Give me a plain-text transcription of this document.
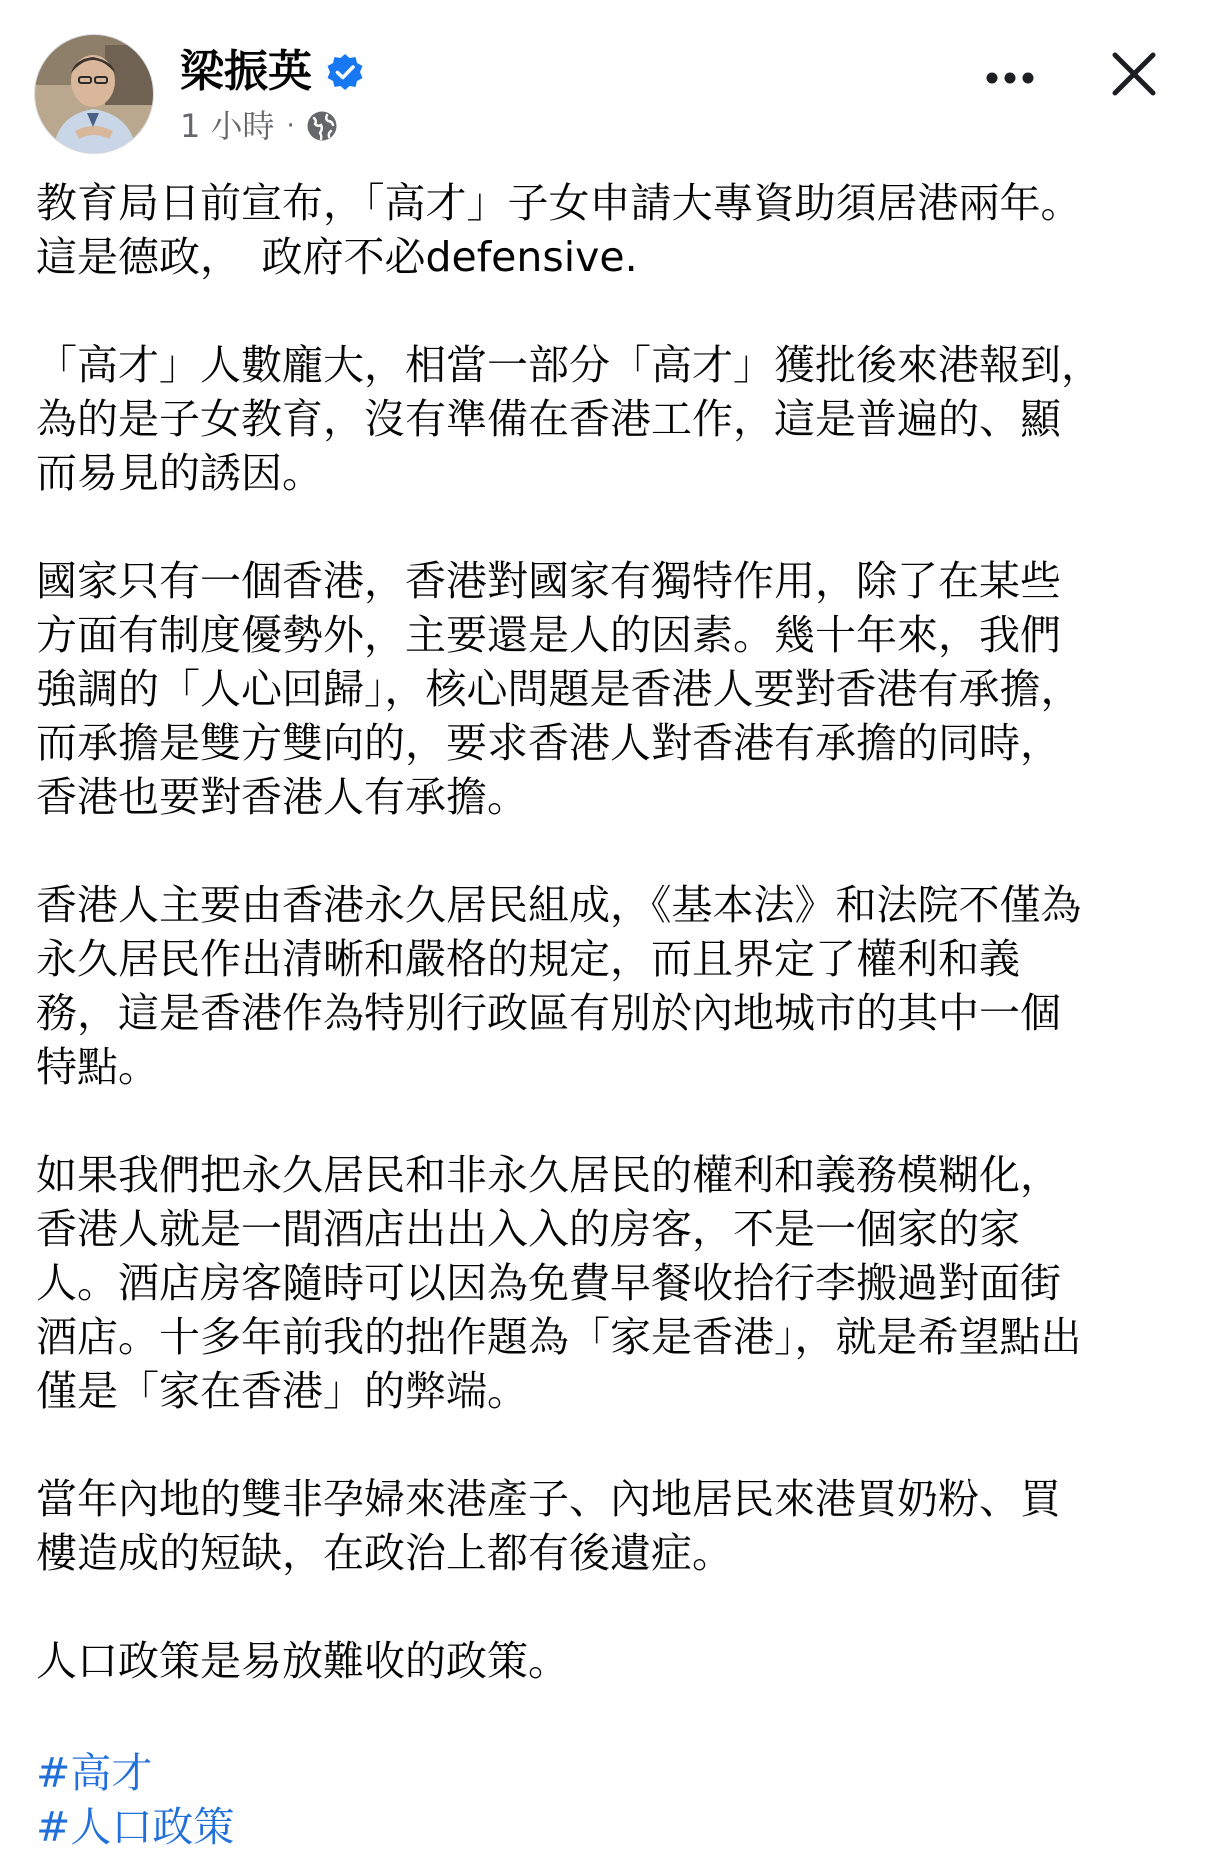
梁振英
1 小時 ·

教育局日前宣布，「高才」子女申請大專資助須居港兩年。
這是德政，　政府不必defensive.

「高才」人數龐大，相當一部分「高才」獲批後來港報到，
為的是子女教育，沒有準備在香港工作，這是普遍的、顯
而易見的誘因。

國家只有一個香港，香港對國家有獨特作用，除了在某些
方面有制度優勢外，主要還是人的因素。幾十年來，我們
強調的「人心回歸」，核心問題是香港人要對香港有承擔，
而承擔是雙方雙向的，要求香港人對香港有承擔的同時，
香港也要對香港人有承擔。

香港人主要由香港永久居民組成，《基本法》和法院不僅為
永久居民作出清晰和嚴格的規定，而且界定了權利和義
務，這是香港作為特別行政區有別於內地城市的其中一個
特點。

如果我們把永久居民和非永久居民的權利和義務模糊化，
香港人就是一間酒店出出入入的房客，不是一個家的家
人。酒店房客隨時可以因為免費早餐收拾行李搬過對面街
酒店。十多年前我的拙作題為「家是香港」，就是希望點出
僅是「家在香港」的弊端。

當年內地的雙非孕婦來港產子、內地居民來港買奶粉、買
樓造成的短缺，在政治上都有後遺症。

人口政策是易放難收的政策。

#高才
#人口政策
